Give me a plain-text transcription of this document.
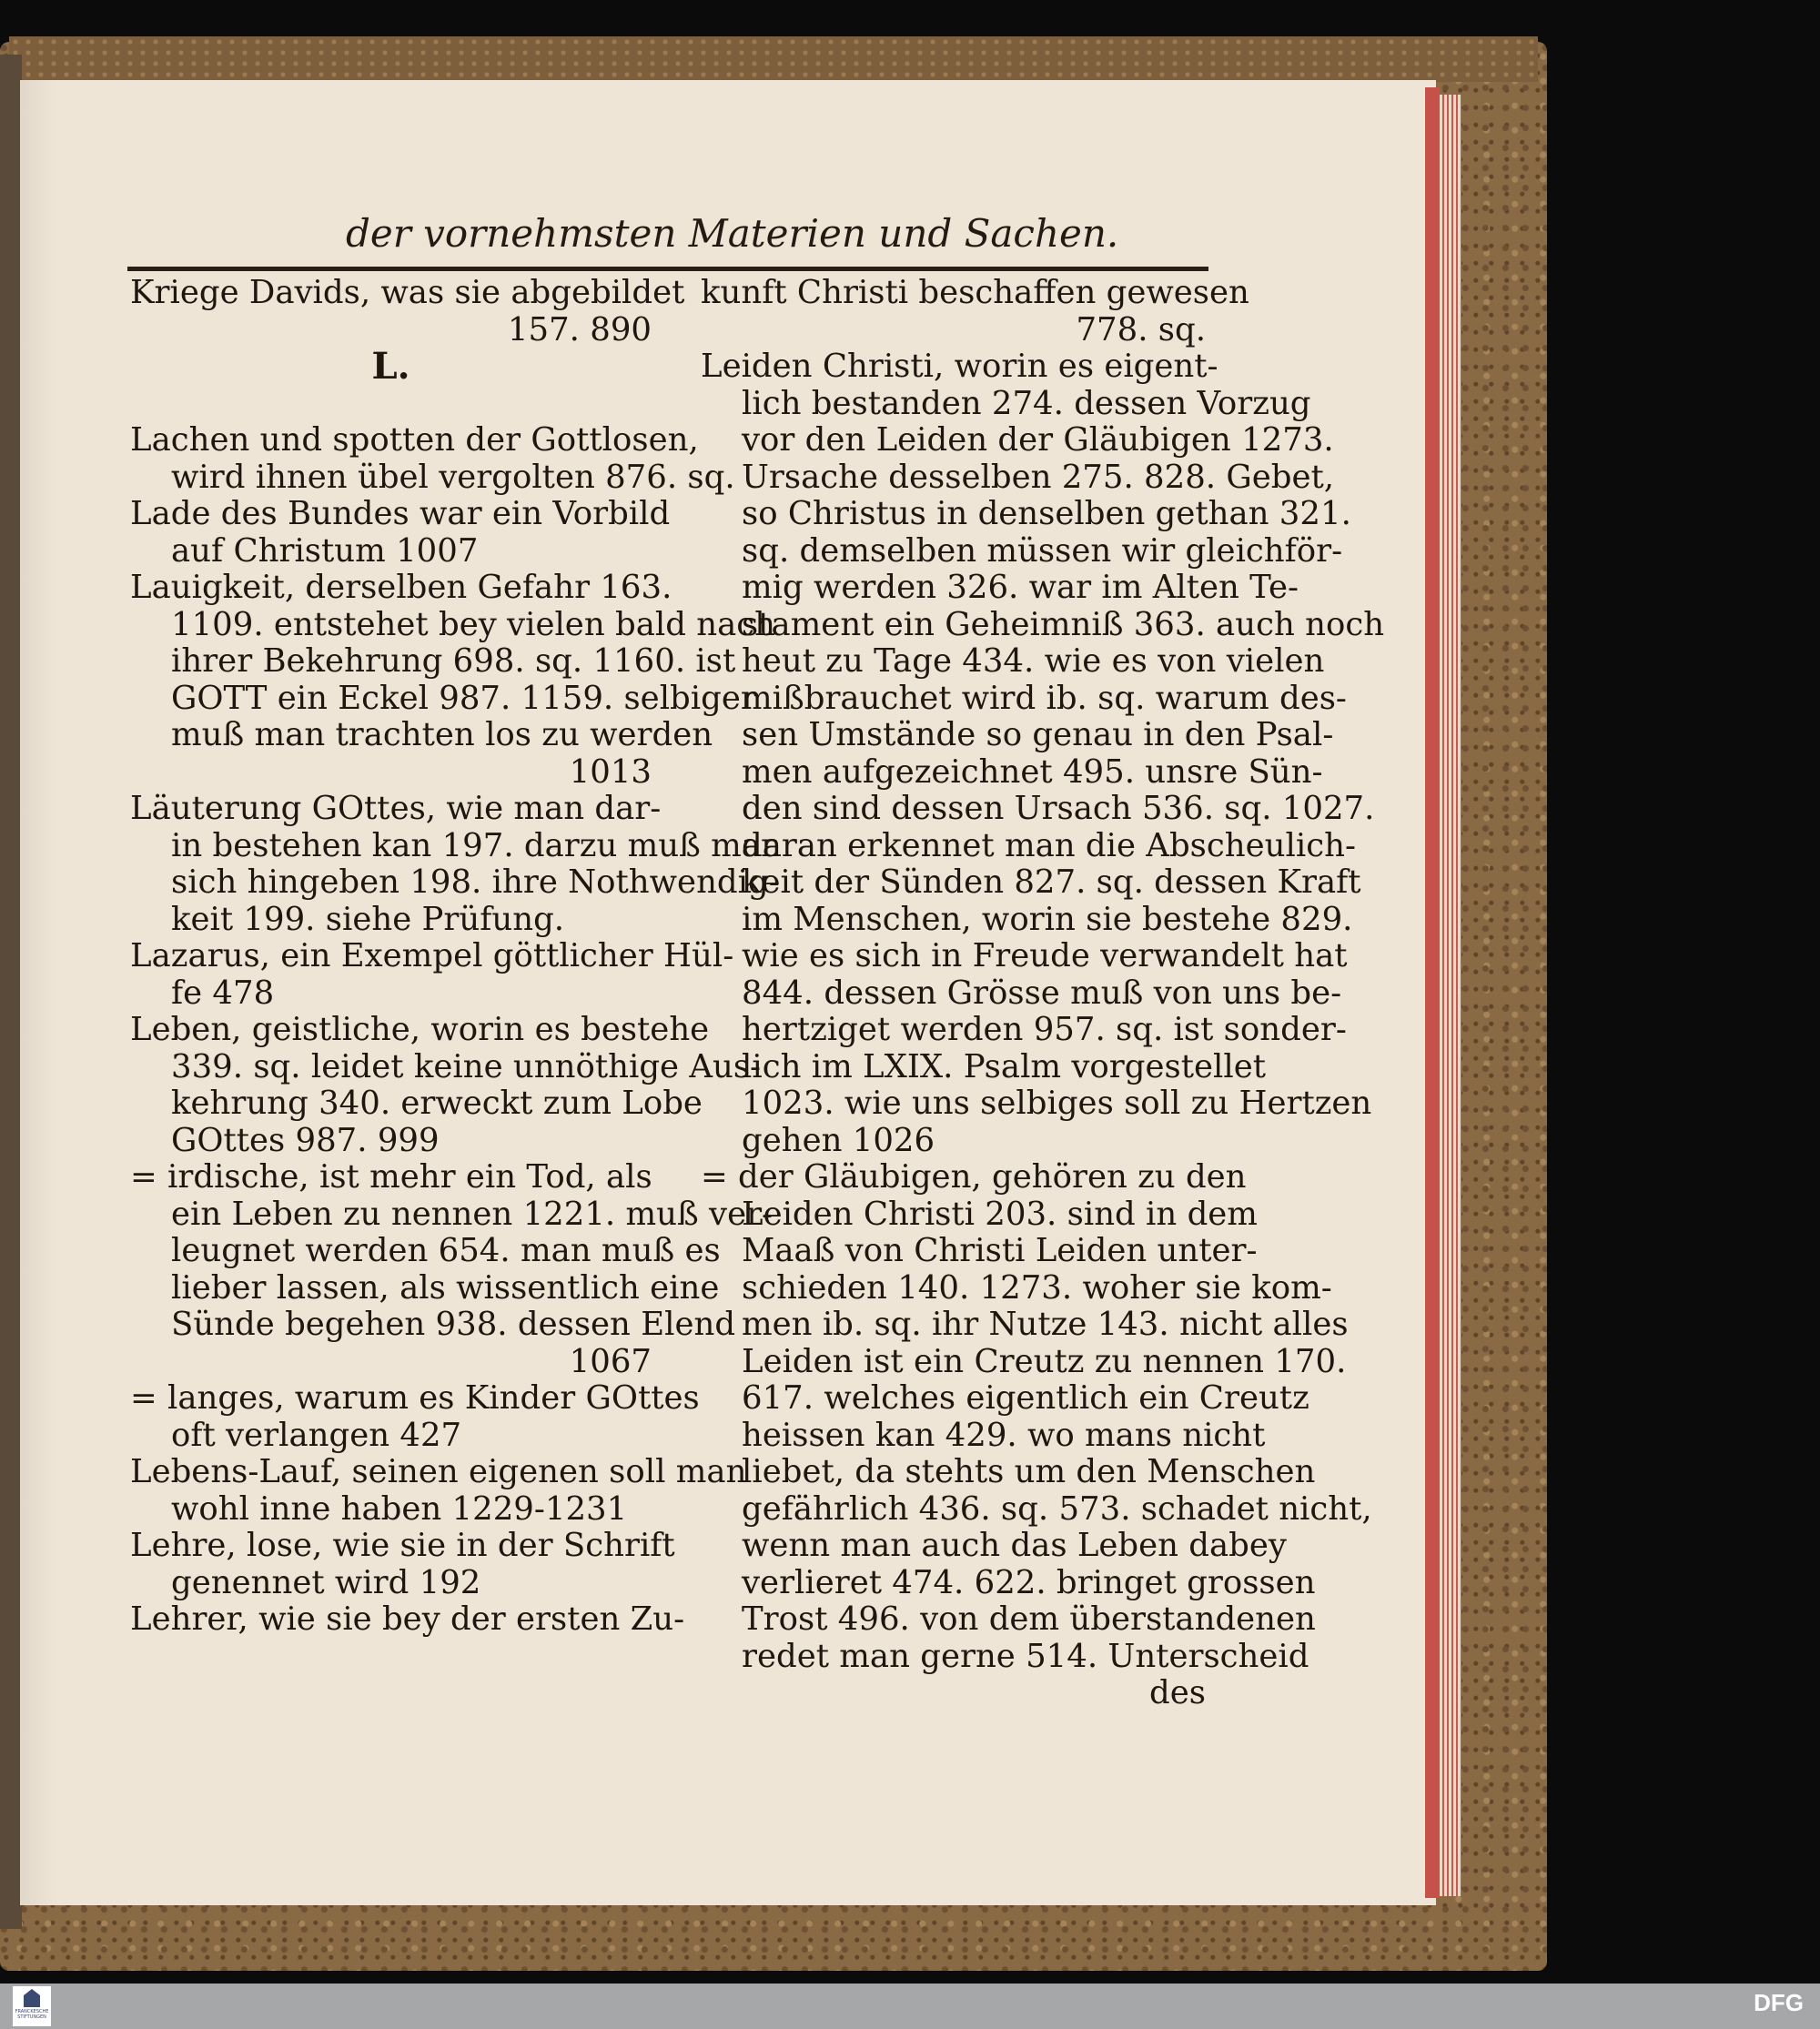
der vornehmsten Materien und Sachen.
Kriege Davids, was sie abgebildet
157. 890
L.
Lachen und spotten der Gottlosen,
wird ihnen übel vergolten 876. sq.
Lade des Bundes war ein Vorbild
auf Christum 1007
Lauigkeit, derselben Gefahr 163.
1109. entstehet bey vielen bald nach
ihrer Bekehrung 698. sq. 1160. ist
GOTT ein Eckel 987. 1159. selbiger
muß man trachten los zu werden
1013
Läuterung GOttes, wie man dar-
in bestehen kan 197. darzu muß man
sich hingeben 198. ihre Nothwendig-
keit 199. siehe Prüfung.
Lazarus, ein Exempel göttlicher Hül-
fe 478
Leben, geistliche, worin es bestehe
339. sq. leidet keine unnöthige Aus-
kehrung 340. erweckt zum Lobe
GOttes 987. 999
= irdische, ist mehr ein Tod, als
ein Leben zu nennen 1221. muß ver-
leugnet werden 654. man muß es
lieber lassen, als wissentlich eine
Sünde begehen 938. dessen Elend
1067
= langes, warum es Kinder GOttes
oft verlangen 427
Lebens-Lauf, seinen eigenen soll man
wohl inne haben 1229-1231
Lehre, lose, wie sie in der Schrift
genennet wird 192
Lehrer, wie sie bey der ersten Zu-
kunft Christi beschaffen gewesen
778. sq.
Leiden Christi, worin es eigent-
lich bestanden 274. dessen Vorzug
vor den Leiden der Gläubigen 1273.
Ursache desselben 275. 828. Gebet,
so Christus in denselben gethan 321.
sq. demselben müssen wir gleichför-
mig werden 326. war im Alten Te-
stament ein Geheimniß 363. auch noch
heut zu Tage 434. wie es von vielen
mißbrauchet wird ib. sq. warum des-
sen Umstände so genau in den Psal-
men aufgezeichnet 495. unsre Sün-
den sind dessen Ursach 536. sq. 1027.
daran erkennet man die Abscheulich-
keit der Sünden 827. sq. dessen Kraft
im Menschen, worin sie bestehe 829.
wie es sich in Freude verwandelt hat
844. dessen Grösse muß von uns be-
hertziget werden 957. sq. ist sonder-
lich im LXIX. Psalm vorgestellet
1023. wie uns selbiges soll zu Hertzen
gehen 1026
= der Gläubigen, gehören zu den
Leiden Christi 203. sind in dem
Maaß von Christi Leiden unter-
schieden 140. 1273. woher sie kom-
men ib. sq. ihr Nutze 143. nicht alles
Leiden ist ein Creutz zu nennen 170.
617. welches eigentlich ein Creutz
heissen kan 429. wo mans nicht
liebet, da stehts um den Menschen
gefährlich 436. sq. 573. schadet nicht,
wenn man auch das Leben dabey
verlieret 474. 622. bringet grossen
Trost 496. von dem überstandenen
redet man gerne 514. Unterscheid
des
FRANCKESCHE STIFTUNGEN
DFG
